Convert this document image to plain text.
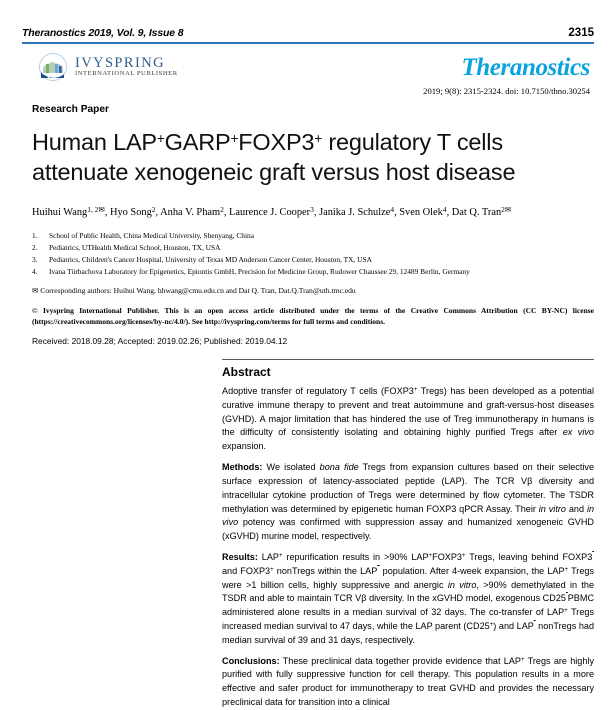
Theranostics 2019, Vol. 9, Issue 8	2315
ysi
IVYSPRING
INTERNATIONAL PUBLISHER	Theranostics
2019; 9(8): 2315-2324. doi: 10.7150/thno.30254
Research Paper
Human LAP+GARP+FOXP3+ regulatory T cells
attenuate xenogeneic graft versus host disease
Huihui Wang$^{1, 2✉}$, Hyo Song$^2$, Anha V. Pham$^2$, Laurence J. Cooper$^3$, Janika J. Schulze$^4$, Sven Olek$^4$, Dat Q. Tran$^{2✉}$
1.	School of Public Health, China Medical University, Shenyang, China
2.	Pediatrics, UTHealth Medical School, Houston, TX, USA
3.	Pediatrics, Children's Cancer Hospital, University of Texas MD Anderson Cancer Center, Houston, TX, USA
4.	Ivana Türbachova Laboratory for Epigenetics, Epiontis GmbH, Precision for Medicine Group, Rudower Chaussee 29, 12489 Berlin, Germany
✉ Corresponding authors: Huihui Wang, hhwang@cmu.edu.cn and Dat Q. Tran, Dat.Q.Tran@uth.tmc.edu
© Ivyspring International Publisher. This is an open access article distributed under the terms of the Creative Commons Attribution (CC BY-NC) license (https://creativecommons.org/licenses/by-nc/4.0/). See http://ivyspring.com/terms for full terms and conditions.
Received: 2018.09.28; Accepted: 2019.02.26; Published: 2019.04.12
Abstract

Adoptive transfer of regulatory T cells (FOXP3+ Tregs) has been developed as a potential curative immune therapy to prevent and treat autoimmune and graft-versus-host diseases (GVHD). A major limitation that has hindered the use of Treg immunotherapy in humans is the difficulty of consistently isolating and obtaining highly purified Tregs after ex vivo expansion.

Methods: We isolated bona fide Tregs from expansion cultures based on their selective surface expression of latency-associated peptide (LAP). The TCR Vβ diversity and intracellular cytokine production of Tregs were determined by flow cytometer. The TSDR methylation was determined by epigenetic human FOXP3 qPCR Assay. Their in vitro and in vivo potency was confirmed with suppression assay and humanized xenogeneic GVHD (xGVHD) murine model, respectively.

Results: LAP+ repurification results in >90% LAP+FOXP3+ Tregs, leaving behind FOXP3  and FOXP3+ nonTregs within the LAP  population. After 4-week expansion, the LAP+ Tregs were >1 billion cells, highly suppressive and anergic in vitro, >90% demethylated in the TSDR and able to maintain TCR Vβ diversity. In the xGVHD model, exogenous CD25 PBMC administered alone results in a median survival of 32 days. The co-transfer of LAP+ Tregs increased median survival to 47 days, while the LAP parent (CD25+) and LAP  nonTregs had median survival of 39 and 31 days, respectively.

Conclusions: These preclinical data together provide evidence that LAP+ Tregs are highly purified with fully suppressive function for cell therapy. This population results in a more effective and safer product for immunotherapy to treat GVHD and provides the necessary preclinical data for transition into a clinical
